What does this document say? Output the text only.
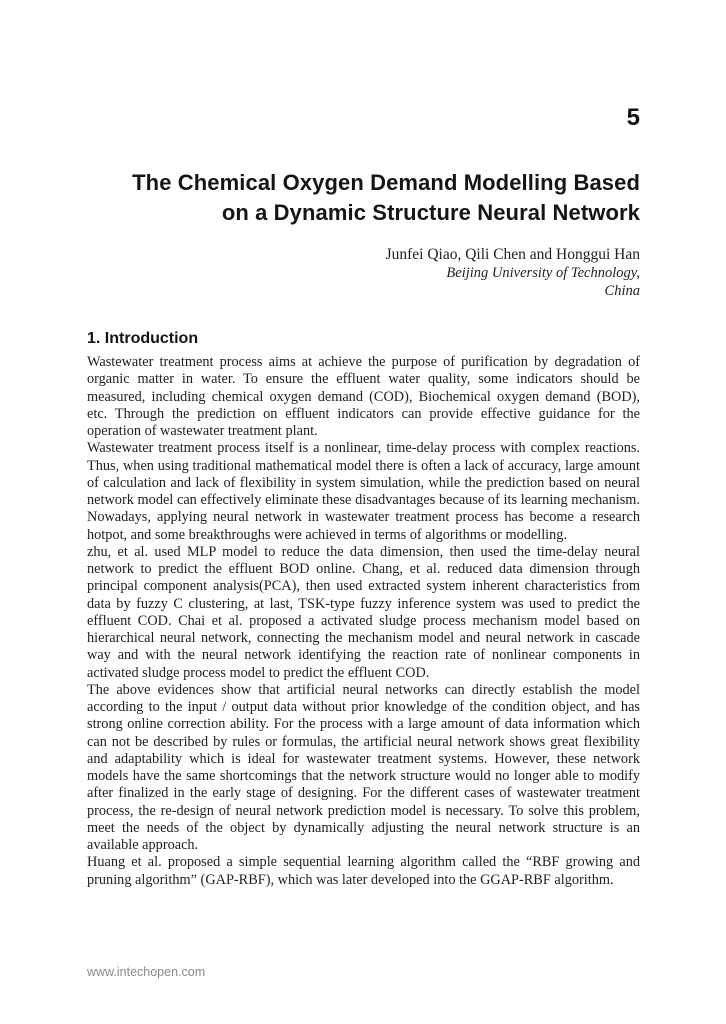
5
The Chemical Oxygen Demand Modelling Based
on a Dynamic Structure Neural Network
Junfei Qiao, Qili Chen and Honggui Han
Beijing University of Technology,
China
1. Introduction

Wastewater treatment process aims at achieve the purpose of purification by degradation of organic matter in water. To ensure the effluent water quality, some indicators should be measured, including chemical oxygen demand (COD), Biochemical oxygen demand (BOD), etc. Through the prediction on effluent indicators can provide effective guidance for the operation of wastewater treatment plant.

Wastewater treatment process itself is a nonlinear, time-delay process with complex reactions. Thus, when using traditional mathematical model there is often a lack of accuracy, large amount of calculation and lack of flexibility in system simulation, while the prediction based on neural network model can effectively eliminate these disadvantages because of its learning mechanism. Nowadays, applying neural network in wastewater treatment process has become a research hotpot, and some breakthroughs were achieved in terms of algorithms or modelling.

zhu, et al. used MLP model to reduce the data dimension, then used the time-delay neural network to predict the effluent BOD online. Chang, et al. reduced data dimension through principal component analysis(PCA), then used extracted system inherent characteristics from data by fuzzy C clustering, at last, TSK-type fuzzy inference system was used to predict the effluent COD. Chai et al. proposed a activated sludge process mechanism model based on hierarchical neural network, connecting the mechanism model and neural network in cascade way and with the neural network identifying the reaction rate of nonlinear components in activated sludge process model to predict the effluent COD.

The above evidences show that artificial neural networks can directly establish the model according to the input / output data without prior knowledge of the condition object, and has strong online correction ability. For the process with a large amount of data information which can not be described by rules or formulas, the artificial neural network shows great flexibility and adaptability which is ideal for wastewater treatment systems. However, these network models have the same shortcomings that the network structure would no longer able to modify after finalized in the early stage of designing. For the different cases of wastewater treatment process, the re-design of neural network prediction model is necessary. To solve this problem, meet the needs of the object by dynamically adjusting the neural network structure is an available approach.

Huang et al. proposed a simple sequential learning algorithm called the “RBF growing and pruning algorithm” (GAP-RBF), which was later developed into the GGAP-RBF algorithm.

www.intechopen.com
